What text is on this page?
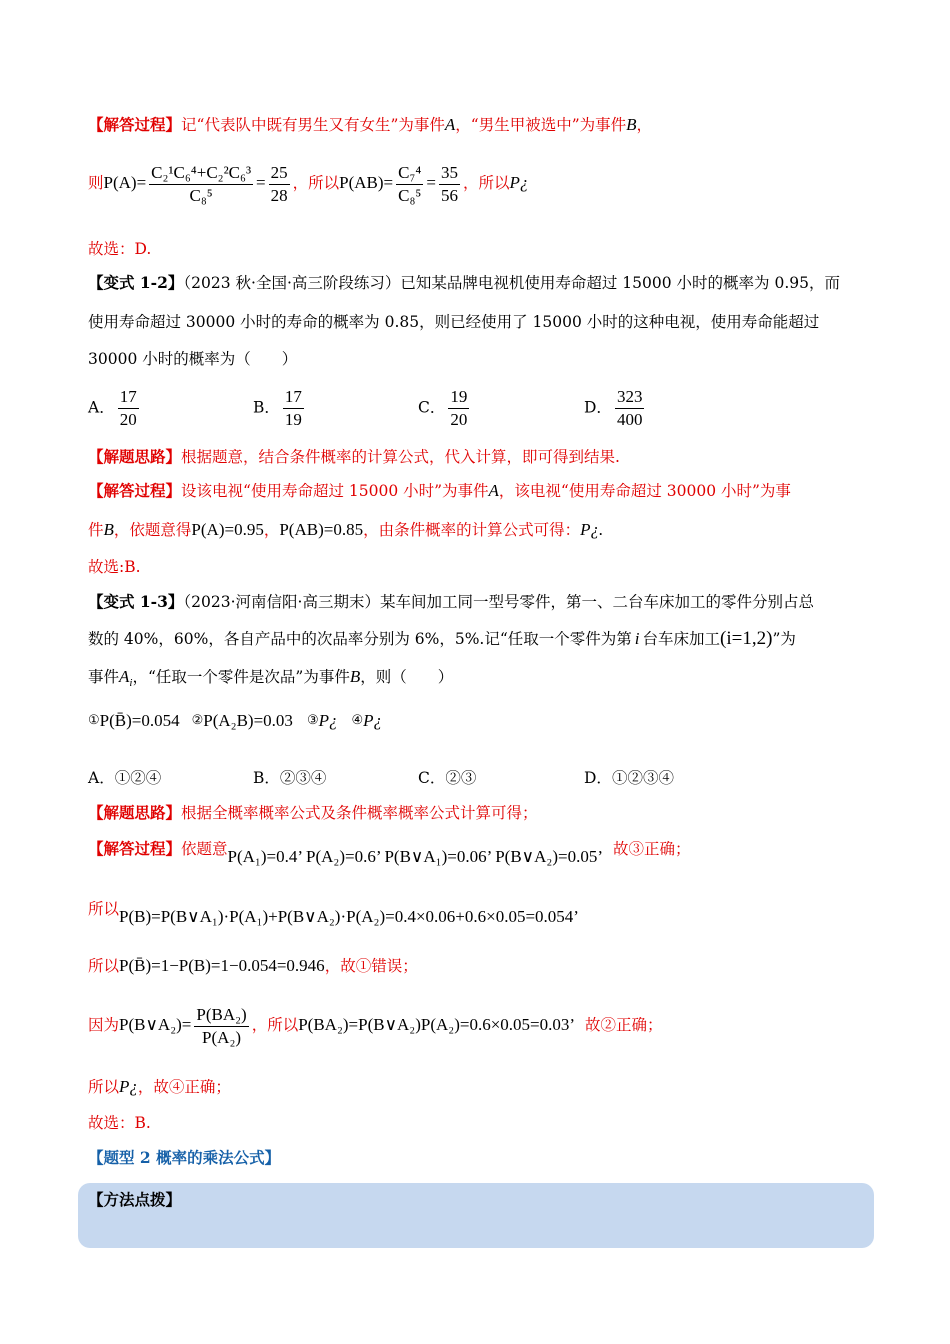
【解答过程】记“代表队中既有男生又有女生”为事件A，“男生甲被选中”为事件B，
则$P(A)= \frac{\text{C₂¹C₆⁴+C₂²C₆³}}{\text{C₈⁵}} = \frac{25}{28}$ ，所以$P(AB)= \frac{\text{C₇⁴}}{\text{C₈⁵}} = \frac{35}{56}$ ，所以P¿
故选：D.
【变式 1-2】（2023 秋·全国·高三阶段练习）已知某品牌电视机使用寿命超过 15000 小时的概率为 0.95，而
使用寿命超过 30000 小时的寿命的概率为 0.85，则已经使用了 15000 小时的这种电视，使用寿命能超过
30000 小时的概率为（　　）
A． $\frac{17}{20}$	B． $\frac{17}{19}$	C． $\frac{19}{20}$	D． $\frac{323}{400}$
【解题思路】根据题意，结合条件概率的计算公式，代入计算，即可得到结果.
【解答过程】设该电视“使用寿命超过 15000 小时”为事件A，该电视“使用寿命超过 30000 小时”为事
件B，依题意得P(A)=0.95，P(AB)=0.85，由条件概率的计算公式可得：P¿.
故选:B.
【变式 1-3】（2023·河南信阳·高三期末）某车间加工同一型号零件，第一、二台车床加工的零件分别占总
数的 40%，60%，各自产品中的次品率分别为 6%，5%.记“任取一个零件为第 i 台车床加工(i=1,2)”为
事件$A_i$，“任取一个零件是次品”为事件B，则（　　）
①P(B̄)=0.054 ②P(A₂B)=0.03 ③P¿ ④P¿
A．①②④	B．②③④	C．②③	D．①②③④
【解题思路】根据全概率概率公式及条件概率概率公式计算可得；
【解答过程】依题意P(A₁)=0.4’ P(A₂)=0.6’ P(B∨A₁)=0.06’ P(B∨A₂)=0.05’ 故③正确；
所以P(B)=P(B∨A₁)·P(A₁)+P(B∨A₂)·P(A₂)=0.4×0.06+0.6×0.05=0.054’
所以P(B̄)=1−P(B)=1−0.054=0.946，故①错误；
因为P(B∨A₂)= $\frac{\text{P(BA₂)}}{\text{P(A₂)}}$ ，所以P(BA₂)=P(B∨A₂)P(A₂)=0.6×0.05=0.03’ 故②正确；
所以P¿，故④正确；
故选：B.
【题型 2 概率的乘法公式】
【方法点拨】
